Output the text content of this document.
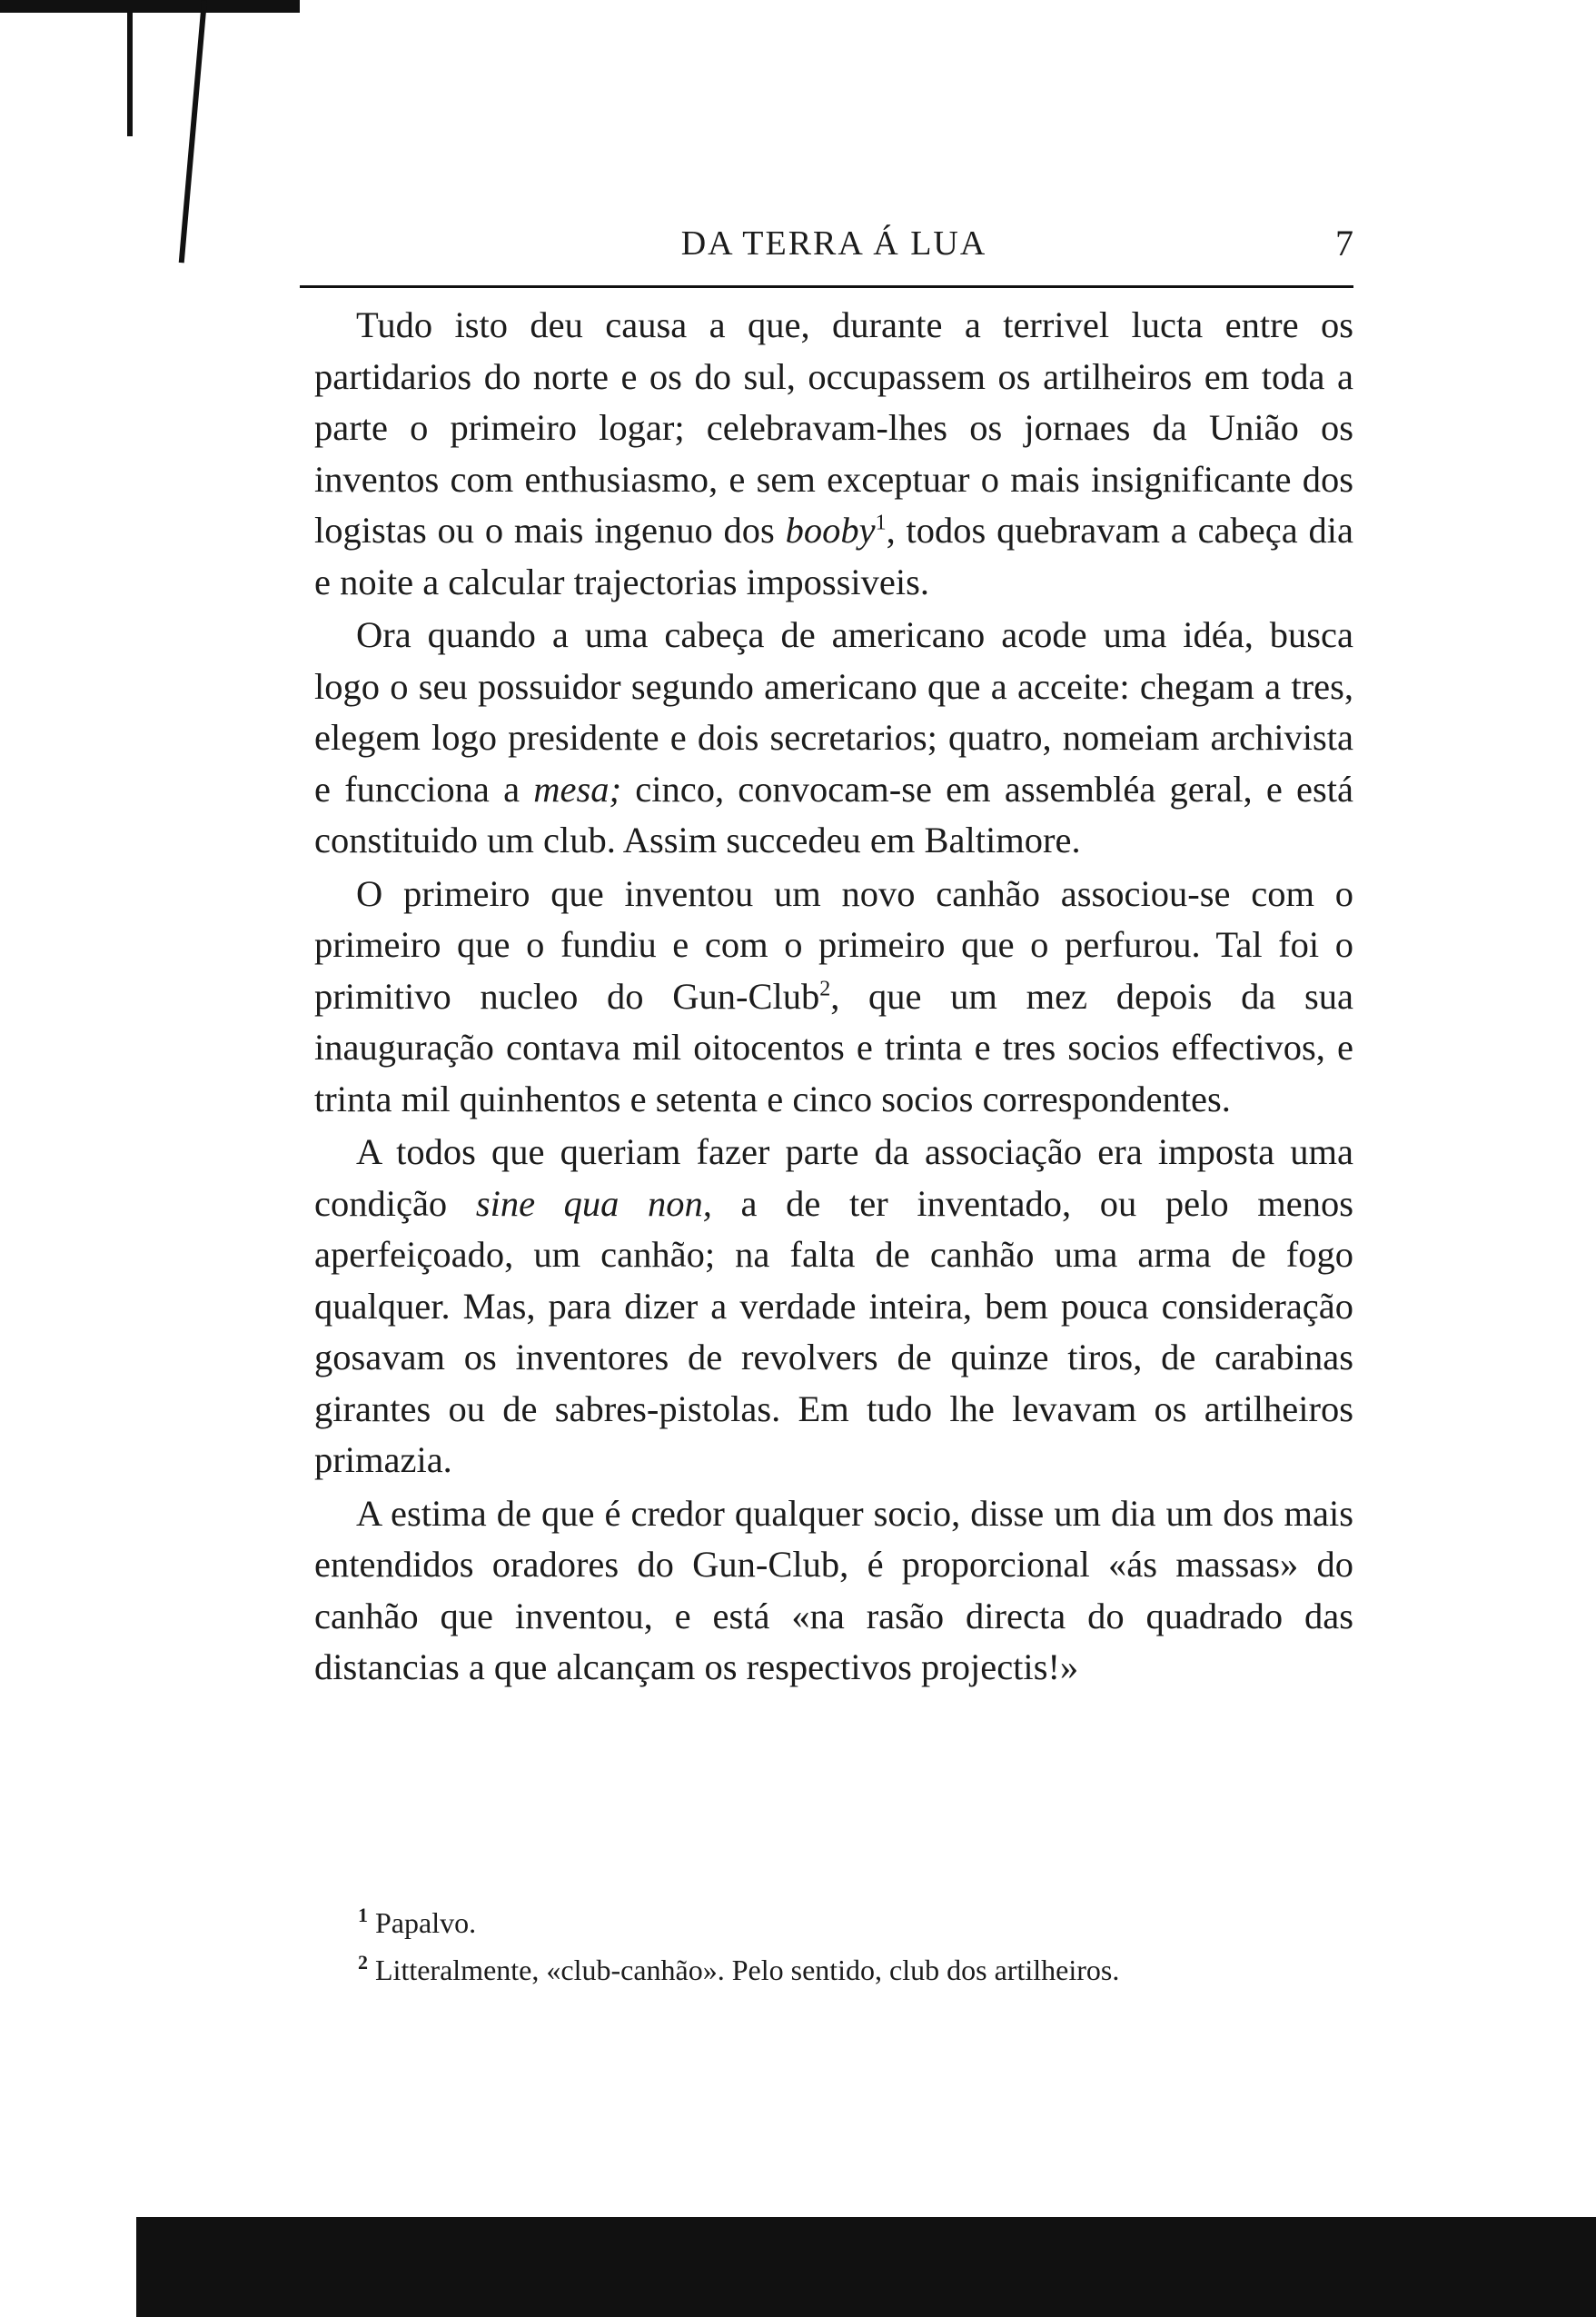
DA TERRA Á LUA	7

Tudo isto deu causa a que, durante a terrivel lucta entre os partidarios do norte e os do sul, occupassem os artilheiros em toda a parte o primeiro logar; celebravam-lhes os jornaes da União os inventos com enthusiasmo, e sem exceptuar o mais insignificante dos logistas ou o mais ingenuo dos booby$^1$, todos quebravam a cabeça dia e noite a calcular trajectorias impossiveis.

Ora quando a uma cabeça de americano acode uma idéa, busca logo o seu possuidor segundo americano que a acceite: chegam a tres, elegem logo presidente e dois secretarios; quatro, nomeiam archivista e funcciona a mesa; cinco, convocam-se em assembléa geral, e está constituido um club. Assim succedeu em Baltimore.

O primeiro que inventou um novo canhão associou-se com o primeiro que o fundiu e com o primeiro que o perfurou. Tal foi o primitivo nucleo do Gun-Club$^2$, que um mez depois da sua inauguração contava mil oitocentos e trinta e tres socios effectivos, e trinta mil quinhentos e setenta e cinco socios correspondentes.

A todos que queriam fazer parte da associação era imposta uma condição sine qua non, a de ter inventado, ou pelo menos aperfeiçoado, um canhão; na falta de canhão uma arma de fogo qualquer. Mas, para dizer a verdade inteira, bem pouca consideração gosavam os inventores de revolvers de quinze tiros, de carabinas girantes ou de sabres-pistolas. Em tudo lhe levavam os artilheiros primazia.

A estima de que é credor qualquer socio, disse um dia um dos mais entendidos oradores do Gun-Club, é proporcional «ás massas» do canhão que inventou, e está «na rasão directa do quadrado das distancias a que alcançam os respectivos projectis!»

$^1$ Papalvo.

$^2$ Litteralmente, «club-canhão». Pelo sentido, club dos artilheiros.
